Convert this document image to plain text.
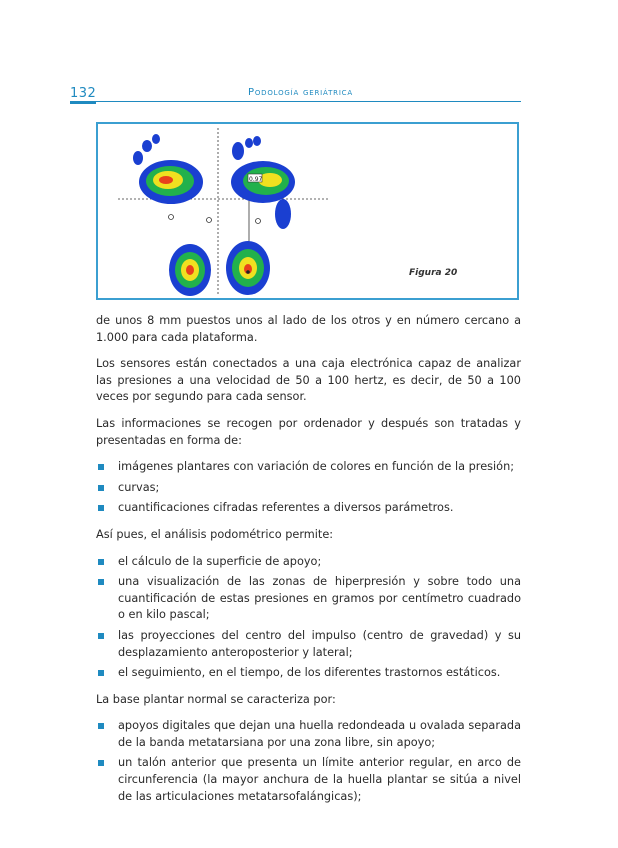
132	Podología geriátrica
0.97
Figura 20

de unos 8 mm puestos unos al lado de los otros y en número cercano a 1.000 para cada plataforma.

Los sensores están conectados a una caja electrónica capaz de analizar las presiones a una velocidad de 50 a 100 hertz, es decir, de 50 a 100 veces por segundo para cada sensor.

Las informaciones se recogen por ordenador y después son tratadas y presentadas en forma de:

imágenes plantares con variación de colores en función de la presión;
curvas;
cuantificaciones cifradas referentes a diversos parámetros.

Así pues, el análisis podométrico permite:

el cálculo de la superficie de apoyo;
una visualización de las zonas de hiperpresión y sobre todo una cuantificación de estas presiones en gramos por centímetro cuadrado o en kilo pascal;
las proyecciones del centro del impulso (centro de gravedad) y su desplazamiento anteroposterior y lateral;
el seguimiento, en el tiempo, de los diferentes trastornos estáticos.

La base plantar normal se caracteriza por:

apoyos digitales que dejan una huella redondeada u ovalada separada de la banda metatarsiana por una zona libre, sin apoyo;
un talón anterior que presenta un límite anterior regular, en arco de circunferencia (la mayor anchura de la huella plantar se sitúa a nivel de las articulaciones metatarsofalángicas);
